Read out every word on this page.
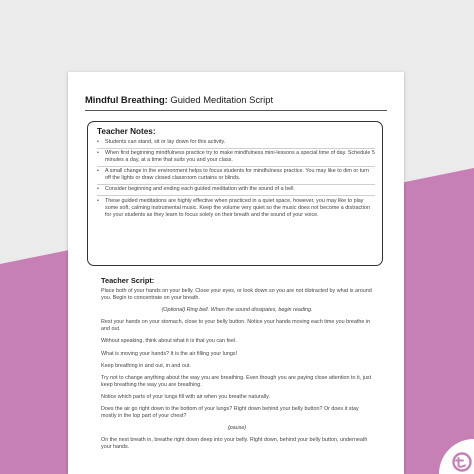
Mindful Breathing: Guided Meditation Script
Teacher Notes:
• Students can stand, sit or lay down for this activity.
• When first beginning mindfulness practice try to make mindfulness mini-lessons a special time of day. Schedule 5 minutes a day, at a time that suits you and your class.
• A small change in the environment helps to focus students for mindfulness practice. You may like to dim or turn off the lights or draw closed classroom curtains or blinds.
• Consider beginning and ending each guided meditation with the sound of a bell.
• These guided meditations are highly effective when practiced in a quiet space, however, you may like to play some soft, calming instrumental music. Keep the volume very quiet so the music does not become a distraction for your students as they learn to focus solely on their breath and the sound of your voice.
Teacher Script:
Place both of your hands on your belly. Close your eyes, or look down so you are not distracted by what is around you. Begin to concentrate on your breath.
(Optional) Ring bell. When the sound dissipates, begin reading.
Rest your hands on your stomach, close to your belly button. Notice your hands moving each time you breathe in and out.
Without speaking, think about what it is that you can feel.
What is moving your hands? It is the air filling your lungs!
Keep breathing in and out, in and out.
Try not to change anything about the way you are breathing. Even though you are paying close attention to it, just keep breathing the way you are breathing.
Notice which parts of your lungs fill with air when you breathe naturally.
Does the air go right down to the bottom of your lungs? Right down behind your belly button? Or does it stay mostly in the top part of your chest?
(pause)
On the next breath in, breathe right down deep into your belly. Right down, behind your belly button, underneath your hands.
